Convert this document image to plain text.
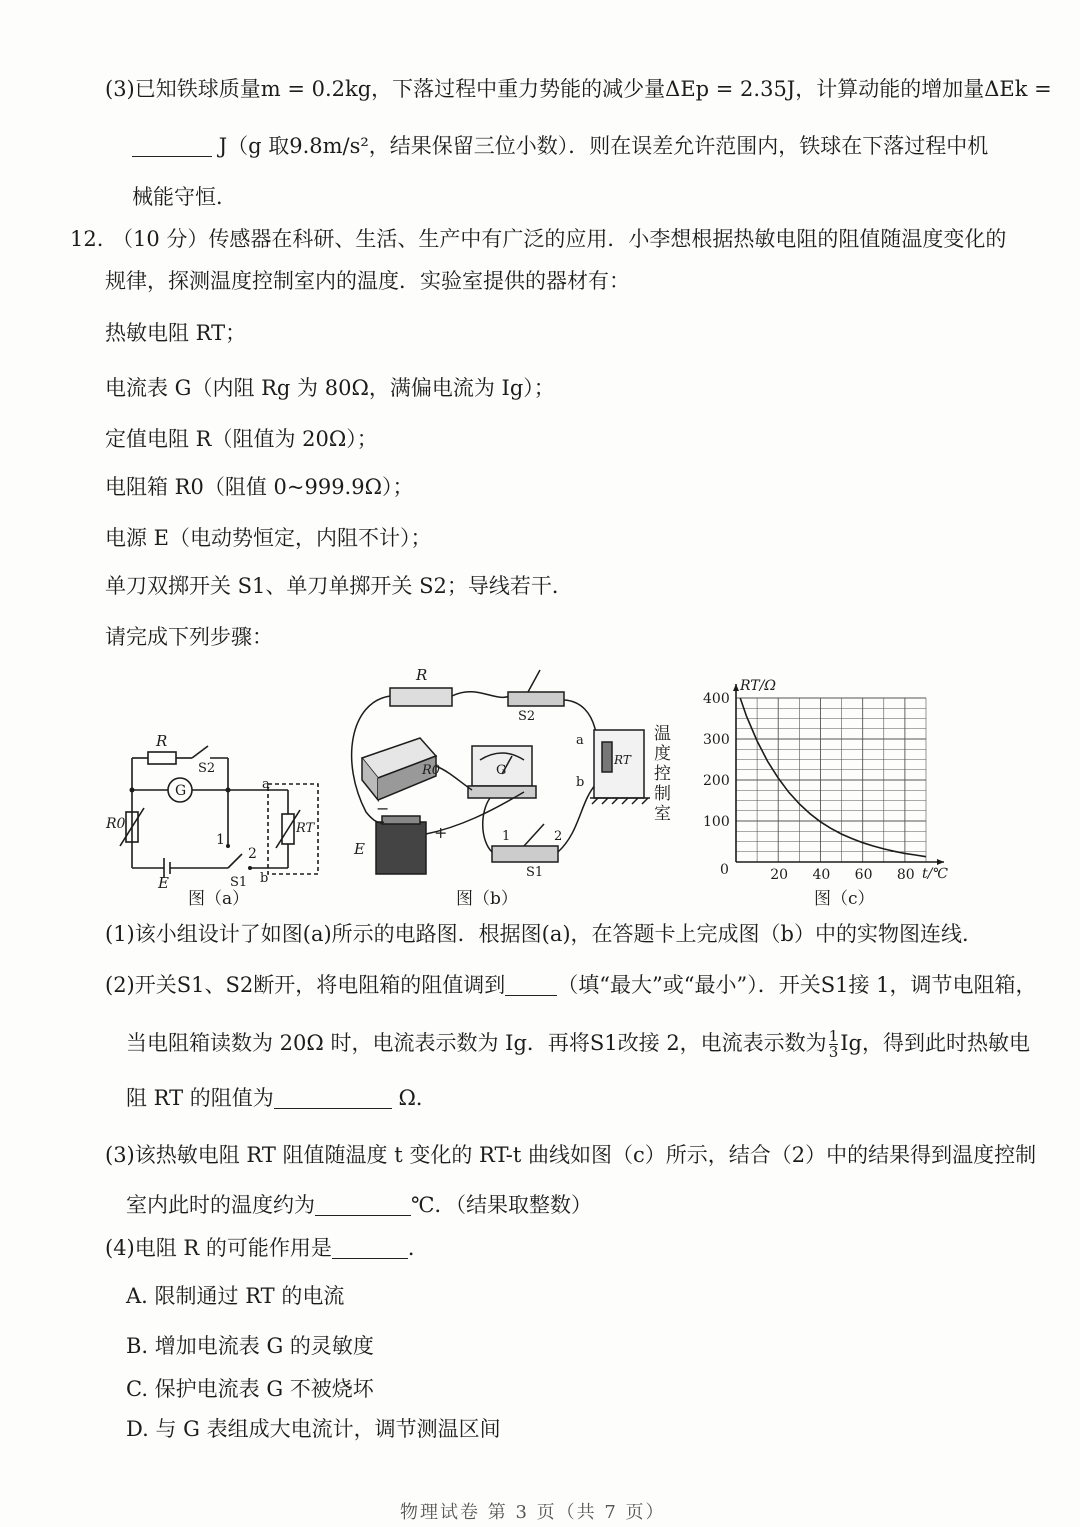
(3)已知铁球质量m = 0.2kg，下落过程中重力势能的减少量ΔEp = 2.35J，计算动能的增加量ΔEk =
J（g 取9.8m/s²，结果保留三位小数）．则在误差允许范围内，铁球在下落过程中机
械能守恒．
12. （10 分）传感器在科研、生活、生产中有广泛的应用．小李想根据热敏电阻的阻值随温度变化的
规律，探测温度控制室内的温度．实验室提供的器材有：
热敏电阻 RT；
电流表 G（内阻 Rg 为 80Ω，满偏电流为 Ig）；
定值电阻 R（阻值为 20Ω）；
电阻箱 R0（阻值 0~999.9Ω）；
电源 E（电动势恒定，内阻不计）；
单刀双掷开关 S1、单刀单掷开关 S2；导线若干．
请完成下列步骤：
R
S2
G	a
R0	RT
1
2
E	S1 b
图（a）
R
S2
R0	G
a
b
RT
−
+
E
1	2
S1
温度控制室
图（b）
20 40 60 80
100
200
300
400
RT/Ω
t/℃
0
图（c）
(1)该小组设计了如图(a)所示的电路图．根据图(a)，在答题卡上完成图（b）中的实物图连线．
(2)开关S1、S2断开，将电阻箱的阻值调到 （填“最大”或“最小”）．开关S1接 1，调节电阻箱，
当电阻箱读数为 20Ω 时，电流表示数为 Ig．再将S1改接 2，电流表示数为 $\frac{1}{3}$ Ig，得到此时热敏电
阻 RT 的阻值为	Ω．
(3)该热敏电阻 RT 阻值随温度 t 变化的 RT-t 曲线如图（c）所示，结合（2）中的结果得到温度控制
室内此时的温度约为	℃．（结果取整数）
(4)电阻 R 的可能作用是	．
A. 限制通过 RT 的电流
B. 增加电流表 G 的灵敏度
C. 保护电流表 G 不被烧坏
D. 与 G 表组成大电流计，调节测温区间
物理试卷 第 3 页（共 7 页）
